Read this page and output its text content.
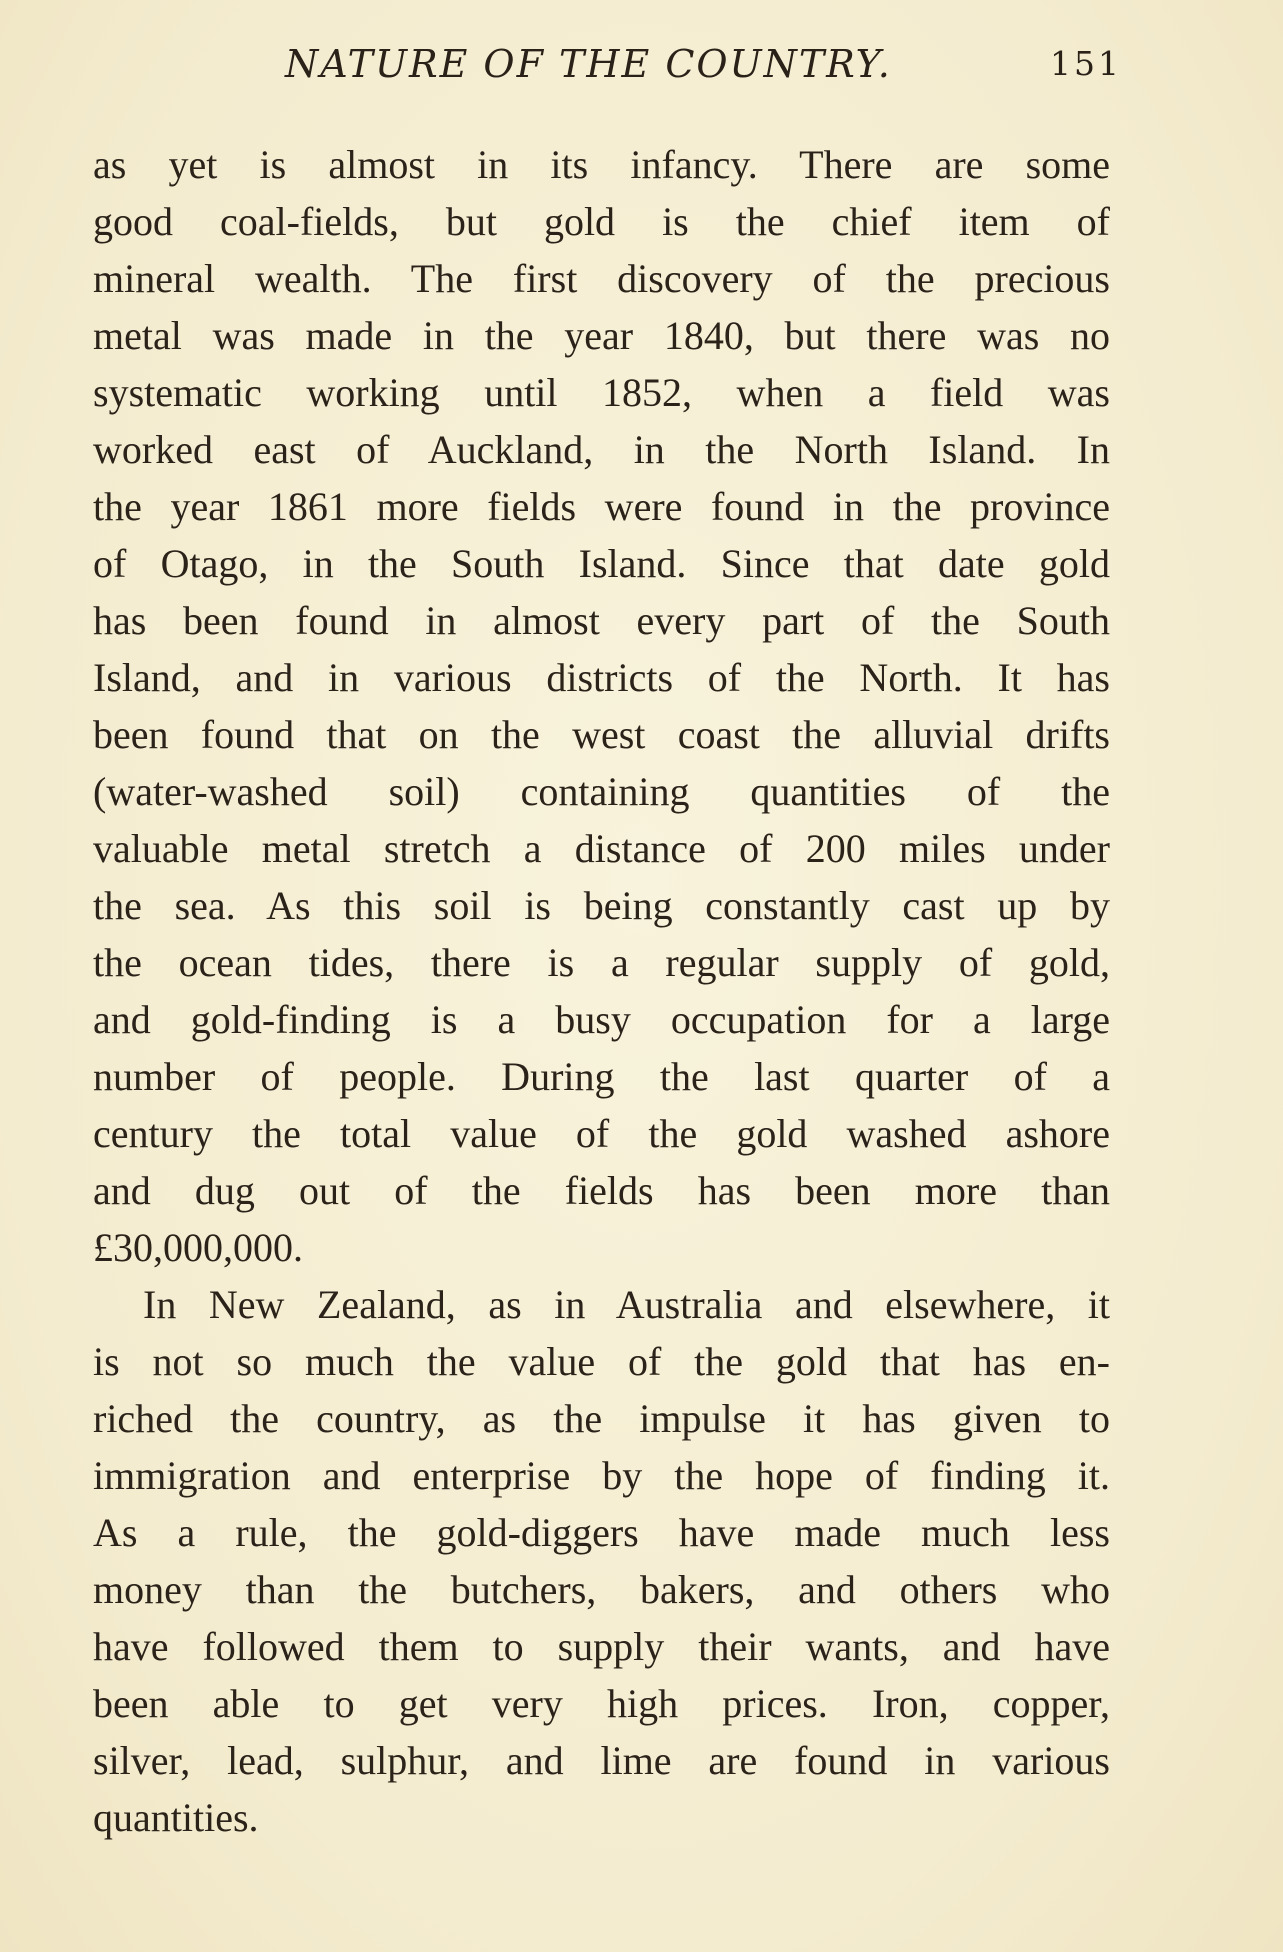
NATURE OF THE COUNTRY.	151
as yet is almost in its infancy. There are some
good coal-fields, but gold is the chief item of
mineral wealth. The first discovery of the precious
metal was made in the year 1840, but there was no
systematic working until 1852, when a field was
worked east of Auckland, in the North Island. In
the year 1861 more fields were found in the province
of Otago, in the South Island. Since that date gold
has been found in almost every part of the South
Island, and in various districts of the North. It has
been found that on the west coast the alluvial drifts
(water-washed soil) containing quantities of the
valuable metal stretch a distance of 200 miles under
the sea. As this soil is being constantly cast up by
the ocean tides, there is a regular supply of gold,
and gold-finding is a busy occupation for a large
number of people. During the last quarter of a
century the total value of the gold washed ashore
and dug out of the fields has been more than
£30,000,000.
In New Zealand, as in Australia and elsewhere, it
is not so much the value of the gold that has en-
riched the country, as the impulse it has given to
immigration and enterprise by the hope of finding it.
As a rule, the gold-diggers have made much less
money than the butchers, bakers, and others who
have followed them to supply their wants, and have
been able to get very high prices. Iron, copper,
silver, lead, sulphur, and lime are found in various
quantities.
